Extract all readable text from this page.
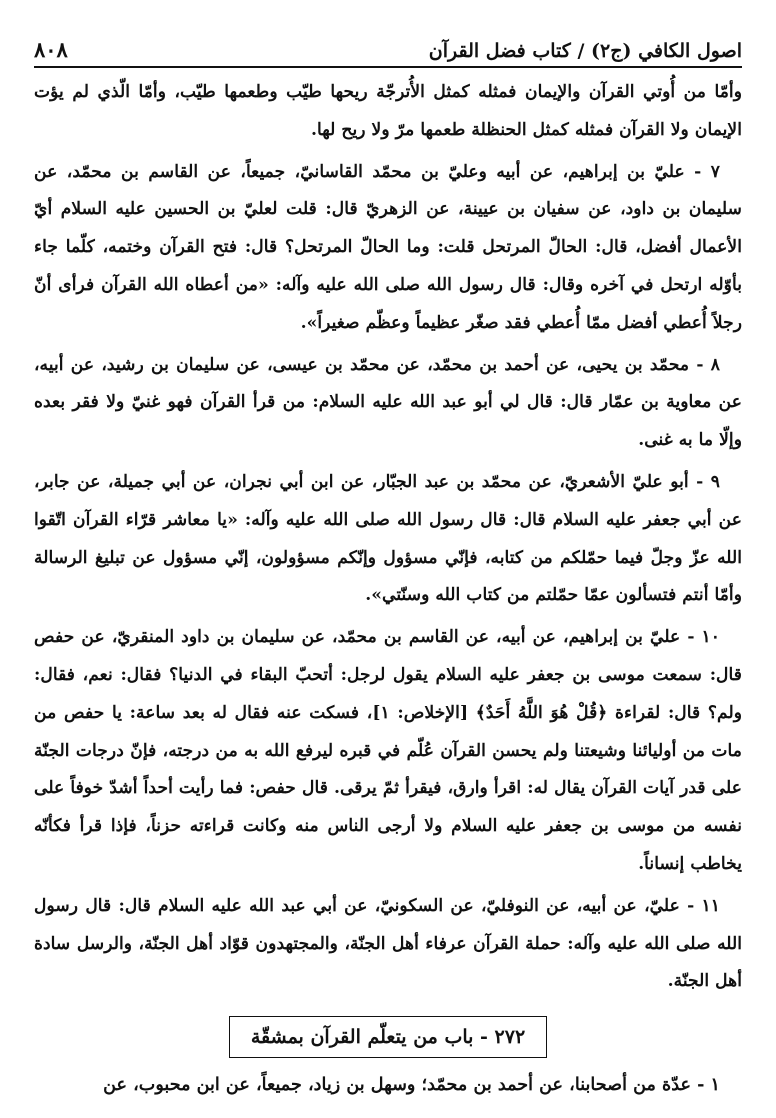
اصول الكافي (ج٢) / كتاب فضل القرآن
٨٠٨

وأمّا من أُوتي القرآن والإيمان فمثله كمثل الأُترجّة ريحها طيّب وطعمها طيّب، وأمّا الّذي لم يؤت الإيمان ولا القرآن فمثله كمثل الحنظلة طعمها مرّ ولا ريح لها.

٧ - عليّ بن إبراهيم، عن أبيه وعليّ بن محمّد القاسانيّ، جميعاً، عن القاسم بن محمّد، عن سليمان بن داود، عن سفيان بن عيينة، عن الزهريّ قال: قلت لعليّ بن الحسين عليه السلام أيّ الأعمال أفضل، قال: الحالّ المرتحل قلت: وما الحالّ المرتحل؟ قال: فتح القرآن وختمه، كلّما جاء بأوّله ارتحل في آخره وقال: قال رسول الله صلى الله عليه وآله: «من أعطاه الله القرآن فرأى أنّ رجلاً أُعطي أفضل ممّا أُعطي فقد صغّر عظيماً وعظّم صغيراً».

٨ - محمّد بن يحيى، عن أحمد بن محمّد، عن محمّد بن عيسى، عن سليمان بن رشيد، عن أبيه، عن معاوية بن عمّار قال: قال لي أبو عبد الله عليه السلام: من قرأ القرآن فهو غنيّ ولا فقر بعده وإلّا ما به غنى.

٩ - أبو عليّ الأشعريّ، عن محمّد بن عبد الجبّار، عن ابن أبي نجران، عن أبي جميلة، عن جابر، عن أبي جعفر عليه السلام قال: قال رسول الله صلى الله عليه وآله: «يا معاشر قرّاء القرآن اتّقوا الله عزّ وجلّ فيما حمّلكم من كتابه، فإنّي مسؤول وإنّكم مسؤولون، إنّي مسؤول عن تبليغ الرسالة وأمّا أنتم فتسألون عمّا حمّلتم من كتاب الله وسنّتي».

١٠ - عليّ بن إبراهيم، عن أبيه، عن القاسم بن محمّد، عن سليمان بن داود المنقريّ، عن حفص قال: سمعت موسى بن جعفر عليه السلام يقول لرجل: أتحبّ البقاء في الدنيا؟ فقال: نعم، فقال: ولم؟ قال: لقراءة ﴿قُلْ هُوَ اللَّهُ أَحَدٌ﴾ [الإخلاص: ١]، فسكت عنه فقال له بعد ساعة: يا حفص من مات من أوليائنا وشيعتنا ولم يحسن القرآن عُلّم في قبره ليرفع الله به من درجته، فإنّ درجات الجنّة على قدر آيات القرآن يقال له: اقرأ وارق، فيقرأ ثمّ يرقى. قال حفص: فما رأيت أحداً أشدّ خوفاً على نفسه من موسى بن جعفر عليه السلام ولا أرجى الناس منه وكانت قراءته حزناً، فإذا قرأ فكأنّه يخاطب إنساناً.

١١ - عليّ، عن أبيه، عن النوفليّ، عن السكونيّ، عن أبي عبد الله عليه السلام قال: قال رسول الله صلى الله عليه وآله: حملة القرآن عرفاء أهل الجنّة، والمجتهدون قوّاد أهل الجنّة، والرسل سادة أهل الجنّة.

٢٧٢ - باب من يتعلّم القرآن بمشقّة
١ - عدّة من أصحابنا، عن أحمد بن محمّد؛ وسهل بن زياد، جميعاً، عن ابن محبوب، عن
